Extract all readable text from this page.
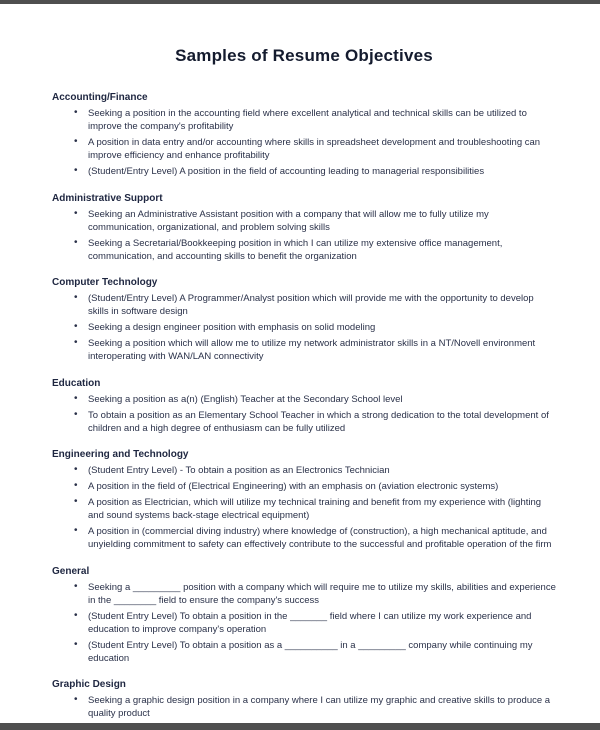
Samples of Resume Objectives
Accounting/Finance
• Seeking a position in the accounting field where excellent analytical and technical skills can be utilized to improve the company's profitability
• A position in data entry and/or accounting where skills in spreadsheet development and troubleshooting can improve efficiency and enhance profitability
• (Student/Entry Level) A position in the field of accounting leading to managerial responsibilities
Administrative Support
• Seeking an Administrative Assistant position with a company that will allow me to fully utilize my communication, organizational, and problem solving skills
• Seeking a Secretarial/Bookkeeping position in which I can utilize my extensive office management, communication, and accounting skills to benefit the organization
Computer Technology
• (Student/Entry Level) A Programmer/Analyst position which will provide me with the opportunity to develop skills in software design
• Seeking a design engineer position with emphasis on solid modeling
• Seeking a position which will allow me to utilize my network administrator skills in a NT/Novell environment interoperating with WAN/LAN connectivity
Education
• Seeking a position as a(n) (English) Teacher at the Secondary School level
• To obtain a position as an Elementary School Teacher in which a strong dedication to the total development of children and a high degree of enthusiasm can be fully utilized
Engineering and Technology
• (Student Entry Level) - To obtain a position as an Electronics Technician
• A position in the field of (Electrical Engineering) with an emphasis on (aviation electronic systems)
• A position as Electrician, which will utilize my technical training and benefit from my experience with (lighting and sound systems back-stage electrical equipment)
• A position in (commercial diving industry) where knowledge of (construction), a high mechanical aptitude, and unyielding commitment to safety can effectively contribute to the successful and profitable operation of the firm
General
• Seeking a _________ position with a company which will require me to utilize my skills, abilities and experience in the ________ field to ensure the company's success
• (Student Entry Level) To obtain a position in the _______ field where I can utilize my work experience and education to improve company's operation
• (Student Entry Level) To obtain a position as a __________ in a _________ company while continuing my education
Graphic Design
• Seeking a graphic design position in a company where I can utilize my graphic and creative skills to produce a quality product
